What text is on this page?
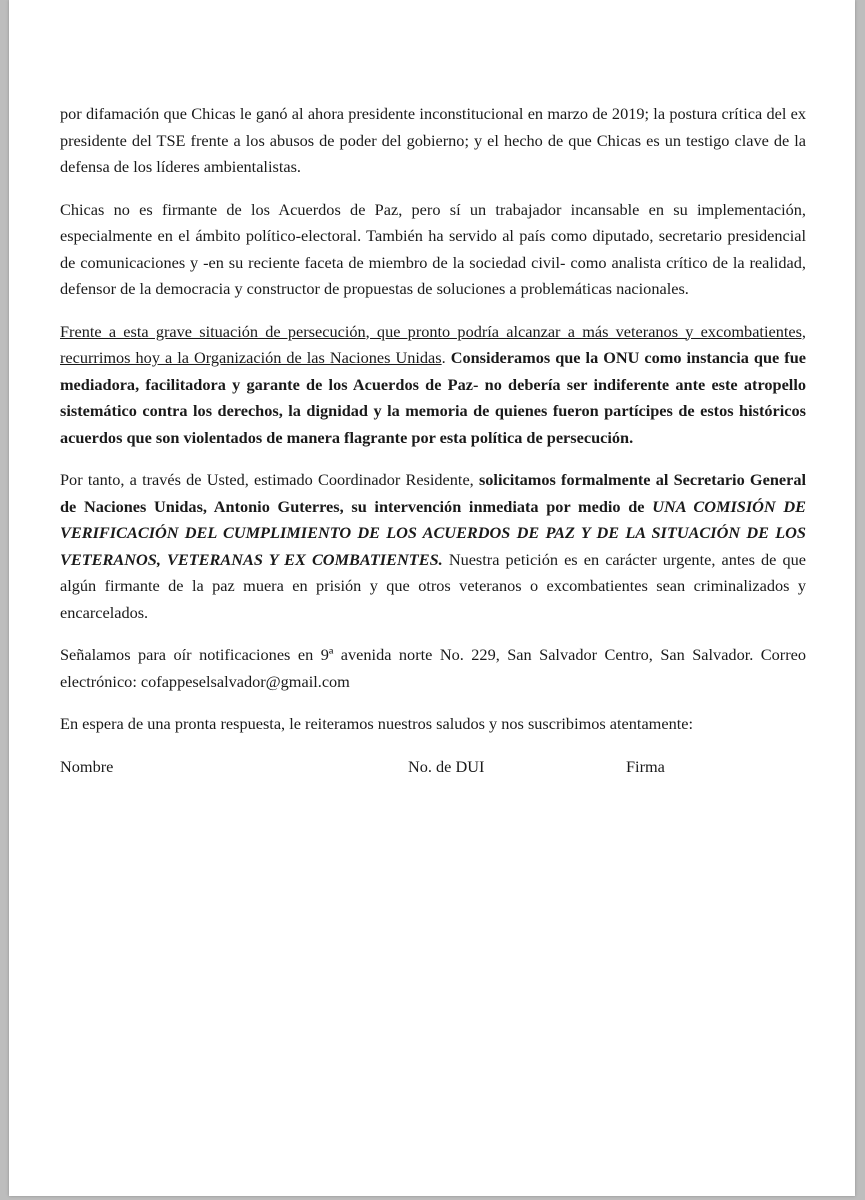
por difamación que Chicas le ganó al ahora presidente inconstitucional en marzo de 2019; la postura crítica del ex presidente del TSE frente a los abusos de poder del gobierno; y el hecho de que Chicas es un testigo clave de la defensa de los líderes ambientalistas.

Chicas no es firmante de los Acuerdos de Paz, pero sí un trabajador incansable en su implementación, especialmente en el ámbito político-electoral. También ha servido al país como diputado, secretario presidencial de comunicaciones y -en su reciente faceta de miembro de la sociedad civil- como analista crítico de la realidad, defensor de la democracia y constructor de propuestas de soluciones a problemáticas nacionales.

Frente a esta grave situación de persecución, que pronto podría alcanzar a más veteranos y excombatientes, recurrimos hoy a la Organización de las Naciones Unidas. Consideramos que la ONU como instancia que fue mediadora, facilitadora y garante de los Acuerdos de Paz- no debería ser indiferente ante este atropello sistemático contra los derechos, la dignidad y la memoria de quienes fueron partícipes de estos históricos acuerdos que son violentados de manera flagrante por esta política de persecución.

Por tanto, a través de Usted, estimado Coordinador Residente, solicitamos formalmente al Secretario General de Naciones Unidas, Antonio Guterres, su intervención inmediata por medio de UNA COMISIÓN DE VERIFICACIÓN DEL CUMPLIMIENTO DE LOS ACUERDOS DE PAZ Y DE LA SITUACIÓN DE LOS VETERANOS, VETERANAS Y EX COMBATIENTES. Nuestra petición es en carácter urgente, antes de que algún firmante de la paz muera en prisión y que otros veteranos o excombatientes sean criminalizados y encarcelados.

Señalamos para oír notificaciones en 9ª avenida norte No. 229, San Salvador Centro, San Salvador. Correo electrónico: cofappeselsalvador@gmail.com

En espera de una pronta respuesta, le reiteramos nuestros saludos y nos suscribimos atentamente:

Nombre	No. de DUI	Firma
